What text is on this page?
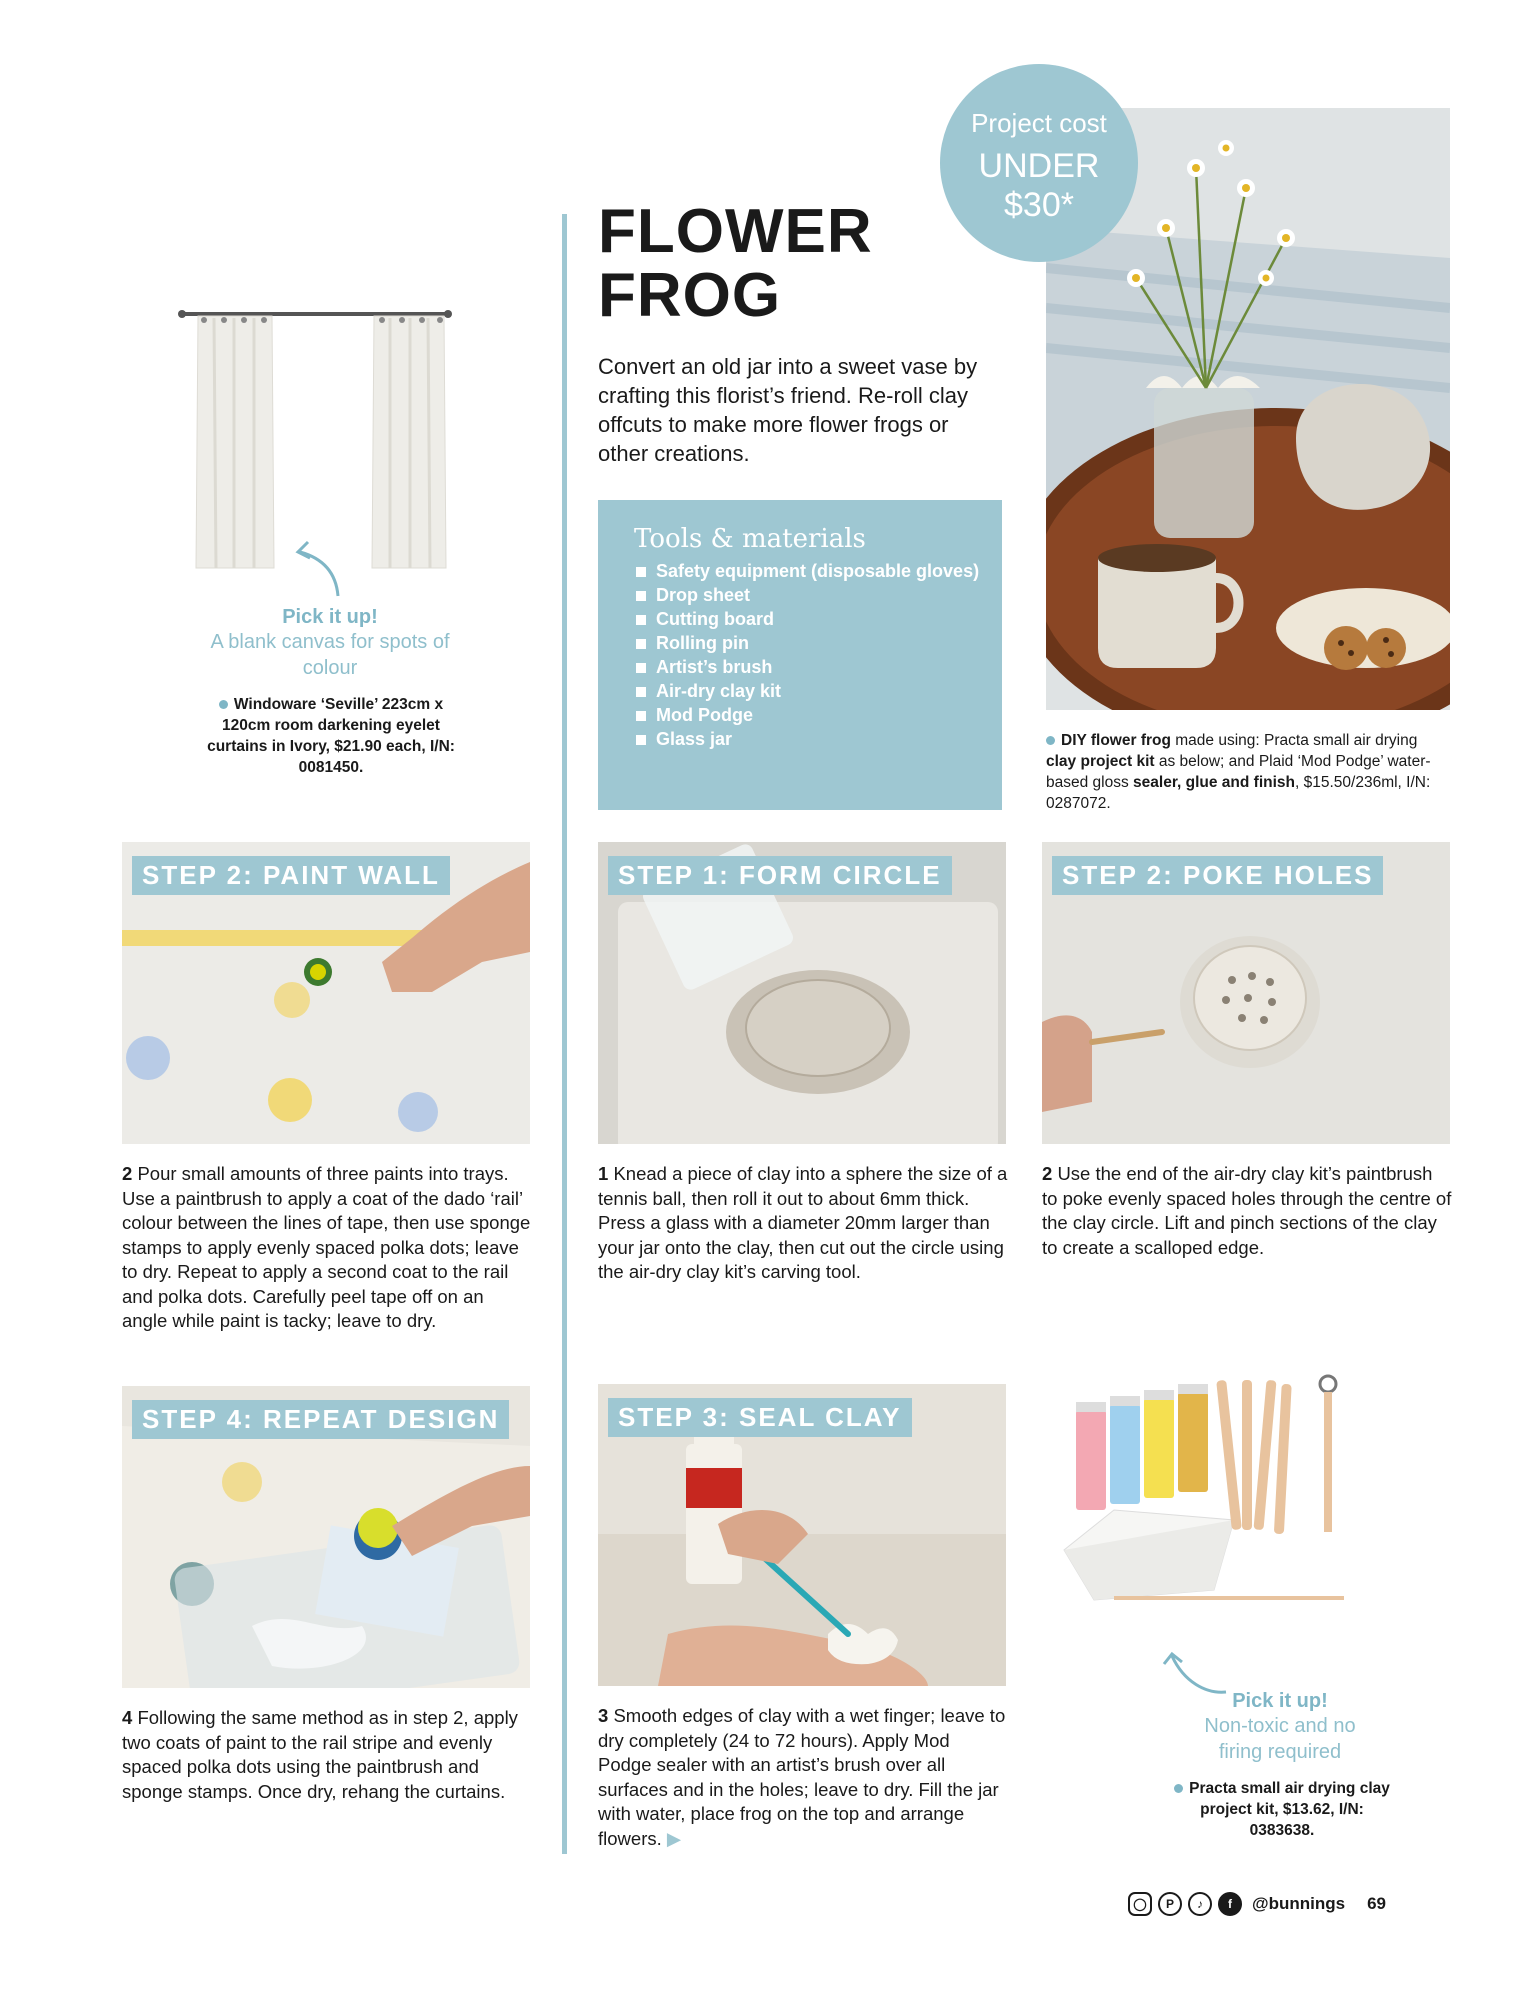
Pick it up!
A blank canvas for spots of colour
Windoware ‘Seville’ 223cm x 120cm room darkening eyelet curtains in Ivory, $21.90 each, I/N: 0081450.
FLOWER
FROG
Convert an old jar into a sweet vase by crafting this florist’s friend. Re-roll clay offcuts to make more flower frogs or other creations.
Tools & materials
Safety equipment (disposable gloves)
Drop sheet
Cutting board
Rolling pin
Artist’s brush
Air-dry clay kit
Mod Podge
Glass jar
Project cost
UNDER
$30*
DIY flower frog made using: Practa small air drying clay project kit as below; and Plaid ‘Mod Podge’ water-based gloss sealer, glue and finish, $15.50/236ml, I/N: 0287072.
STEP 2: PAINT WALL
2 Pour small amounts of three paints into trays. Use a paintbrush to apply a coat of the dado ‘rail’ colour between the lines of tape, then use sponge stamps to apply evenly spaced polka dots; leave to dry. Repeat to apply a second coat to the rail and polka dots. Carefully peel tape off on an angle while paint is tacky; leave to dry.
STEP 1: FORM CIRCLE
1 Knead a piece of clay into a sphere the size of a tennis ball, then roll it out to about 6mm thick. Press a glass with a diameter 20mm larger than your jar onto the clay, then cut out the circle using the air-dry clay kit’s carving tool.
STEP 2: POKE HOLES
2 Use the end of the air-dry clay kit’s paintbrush to poke evenly spaced holes through the centre of the clay circle. Lift and pinch sections of the clay to create a scalloped edge.
STEP 4: REPEAT DESIGN
4 Following the same method as in step 2, apply two coats of paint to the rail stripe and evenly spaced polka dots using the paintbrush and sponge stamps. Once dry, rehang the curtains.
STEP 3: SEAL CLAY
3 Smooth edges of clay with a wet finger; leave to dry completely (24 to 72 hours). Apply Mod Podge sealer with an artist’s brush over all surfaces and in the holes; leave to dry. Fill the jar with water, place frog on the top and arrange flowers. ▶
Pick it up!
Non-toxic and no firing required
Practa small air drying clay project kit, $13.62, I/N: 0383638.
◯	P	♪	f	@bunnings 69
